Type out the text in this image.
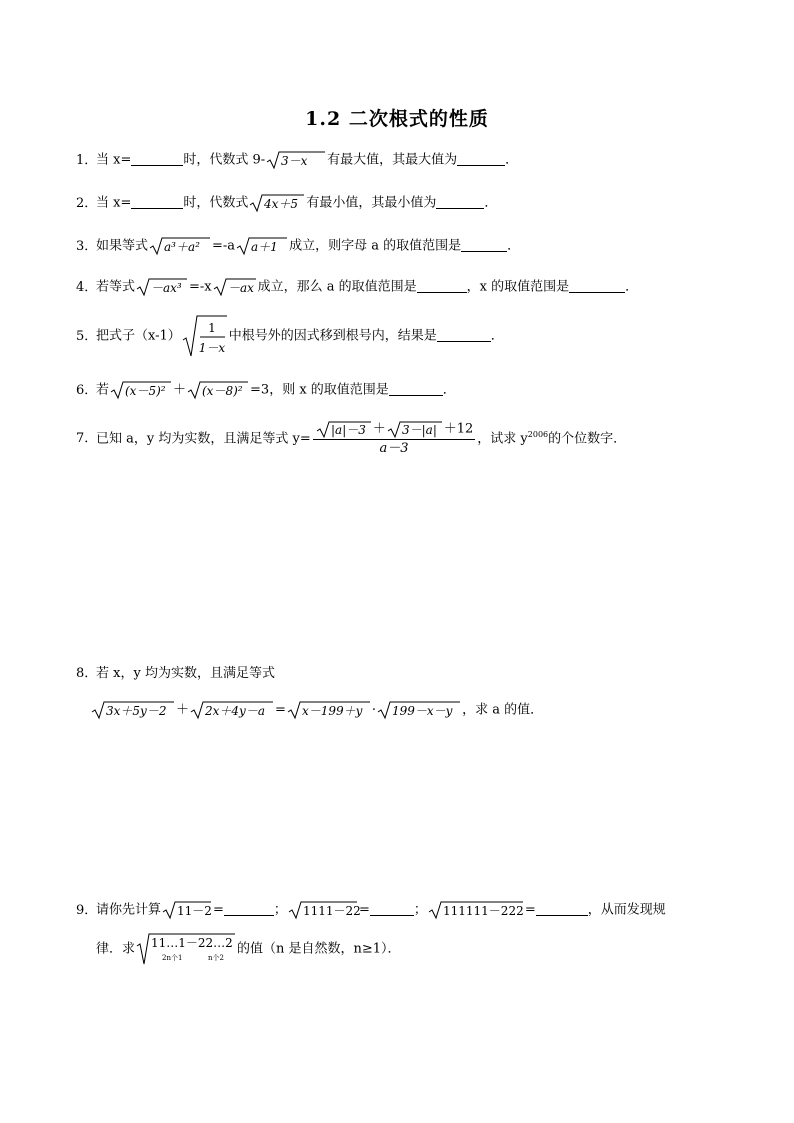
1.2 二次根式的性质
1．当 x=	时，代数式 9- 3－x 有最大值，其最大值为	．
2．当 x=	时，代数式 4x＋5 有最小值，其最小值为	．
3．如果等式 a³＋a² =-a a＋1 成立，则字母 a 的取值范围是	．
4．若等式 －ax³ =-x －ax 成立，那么 a 的取值范围是	，x 的取值范围是	．
5．把式子（x-1）
1
1－x
中根号外的因式移到根号内，结果是	．
6．若 (x－5)² ＋ (x－8)² =3，则 x 的取值范围是	．
7．已知 a，y 均为实数，且满足等式 $y= \frac{|a|-3 + 3-|a| +12}{a-3}$ ，试求 $y^{2006}$的个位数字．
8．若 x，y 均为实数，且满足等式
3x＋5y－2 ＋ 2x＋4y－a = x－199＋y · 199－x－y ，求 a 的值．
9．请你先计算 11－2 =	； 1111－22
=	； 111111－222 =	，从而发现规
律．求 11…1－22…2
2n个1	n个2
的值（n 是自然数，n≥1）．
